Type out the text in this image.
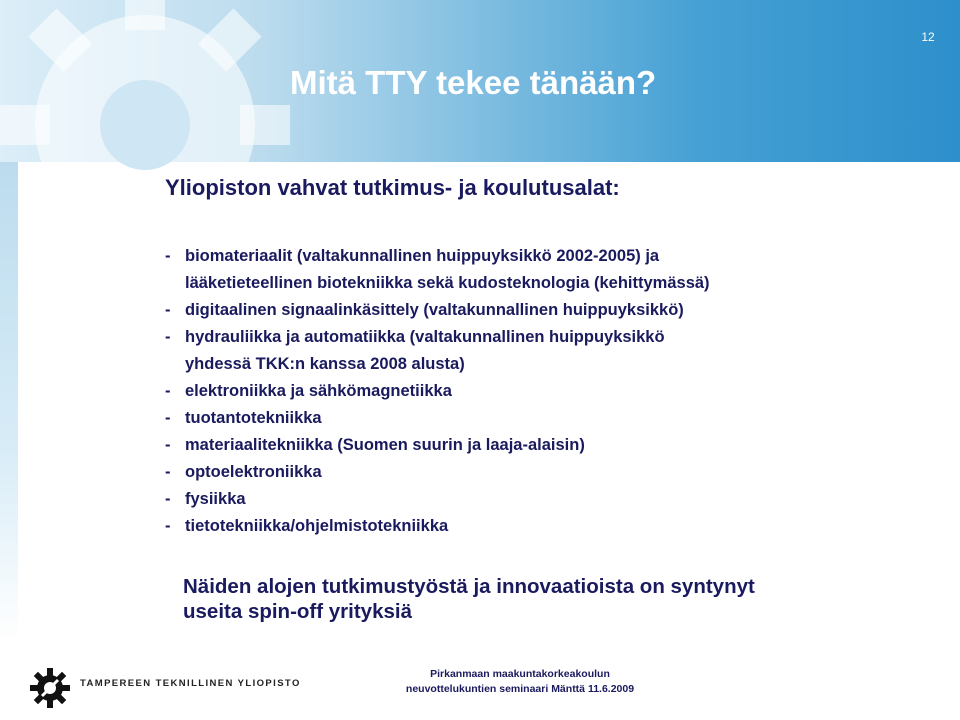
12
Mitä TTY tekee tänään?
Yliopiston vahvat tutkimus- ja koulutusalat:
- biomateriaalit (valtakunnallinen huippuyksikkö 2002-2005) ja
lääketieteellinen biotekniikka sekä kudosteknologia (kehittymässä)
- digitaalinen signaalinkäsittely (valtakunnallinen huippuyksikkö)
- hydrauliikka ja automatiikka (valtakunnallinen huippuyksikkö
yhdessä TKK:n kanssa 2008 alusta)
- elektroniikka ja sähkömagnetiikka
- tuotantotekniikka
- materiaalitekniikka (Suomen suurin ja laaja-alaisin)
- optoelektroniikka
- fysiikka
- tietotekniikka/ohjelmistotekniikka

Näiden alojen tutkimustyöstä ja innovaatioista on syntynyt
useita spin-off yrityksiä

TAMPEREEN TEKNILLINEN YLIOPISTO
Pirkanmaan maakuntakorkeakoulun
neuvottelukuntien seminaari Mänttä 11.6.2009
